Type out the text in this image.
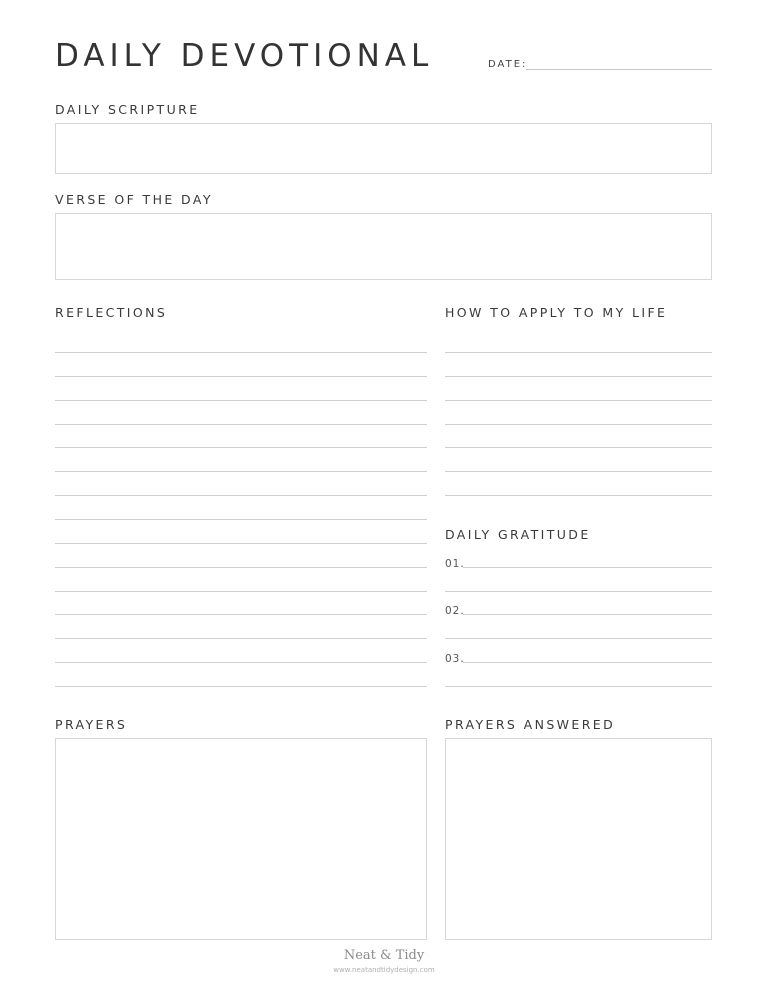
DAILY DEVOTIONAL	DATE:
DAILY SCRIPTURE
VERSE OF THE DAY
REFLECTIONS	HOW TO APPLY TO MY LIFE
DAILY GRATITUDE
01.
02.
03.
PRAYERS	PRAYERS ANSWERED
Neat & Tidy
www.neatandtidydesign.com
